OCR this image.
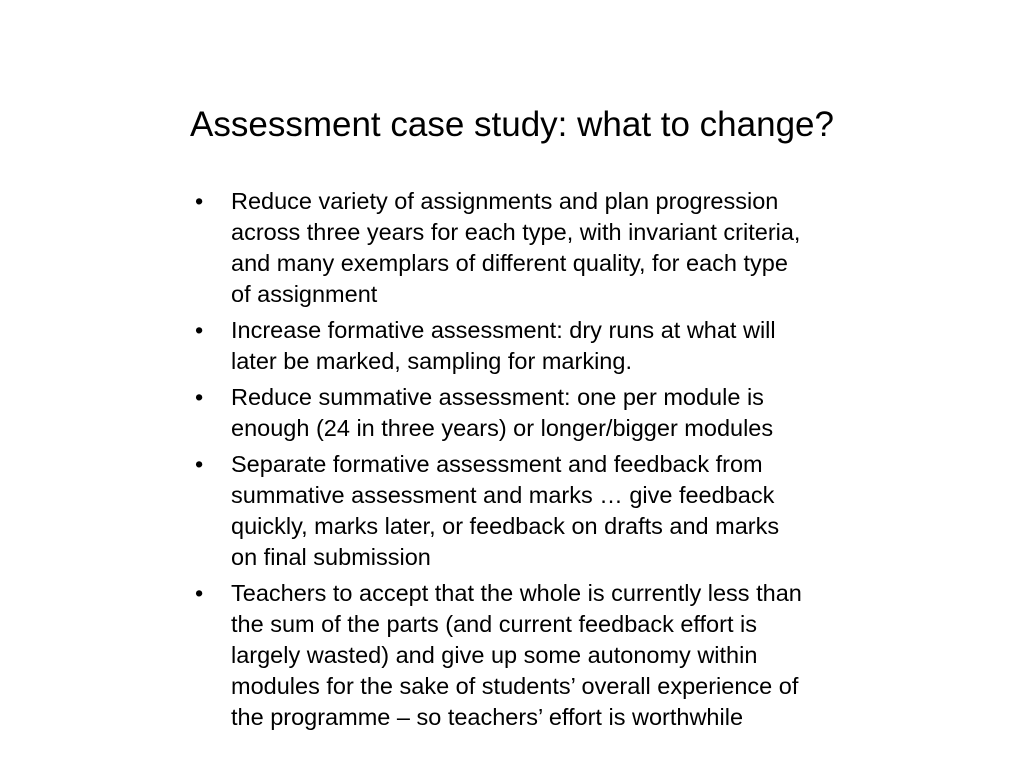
Assessment case study: what to change?
• Reduce variety of assignments and plan progression
across three years for each type, with invariant criteria,
and many exemplars of different quality, for each type
of assignment
• Increase formative assessment: dry runs at what will
later be marked, sampling for marking.
• Reduce summative assessment: one per module is
enough (24 in three years) or longer/bigger modules
• Separate formative assessment and feedback from
summative assessment and marks … give feedback
quickly, marks later, or feedback on drafts and marks
on final submission
• Teachers to accept that the whole is currently less than
the sum of the parts (and current feedback effort is
largely wasted) and give up some autonomy within
modules for the sake of students’ overall experience of
the programme – so teachers’ effort is worthwhile
